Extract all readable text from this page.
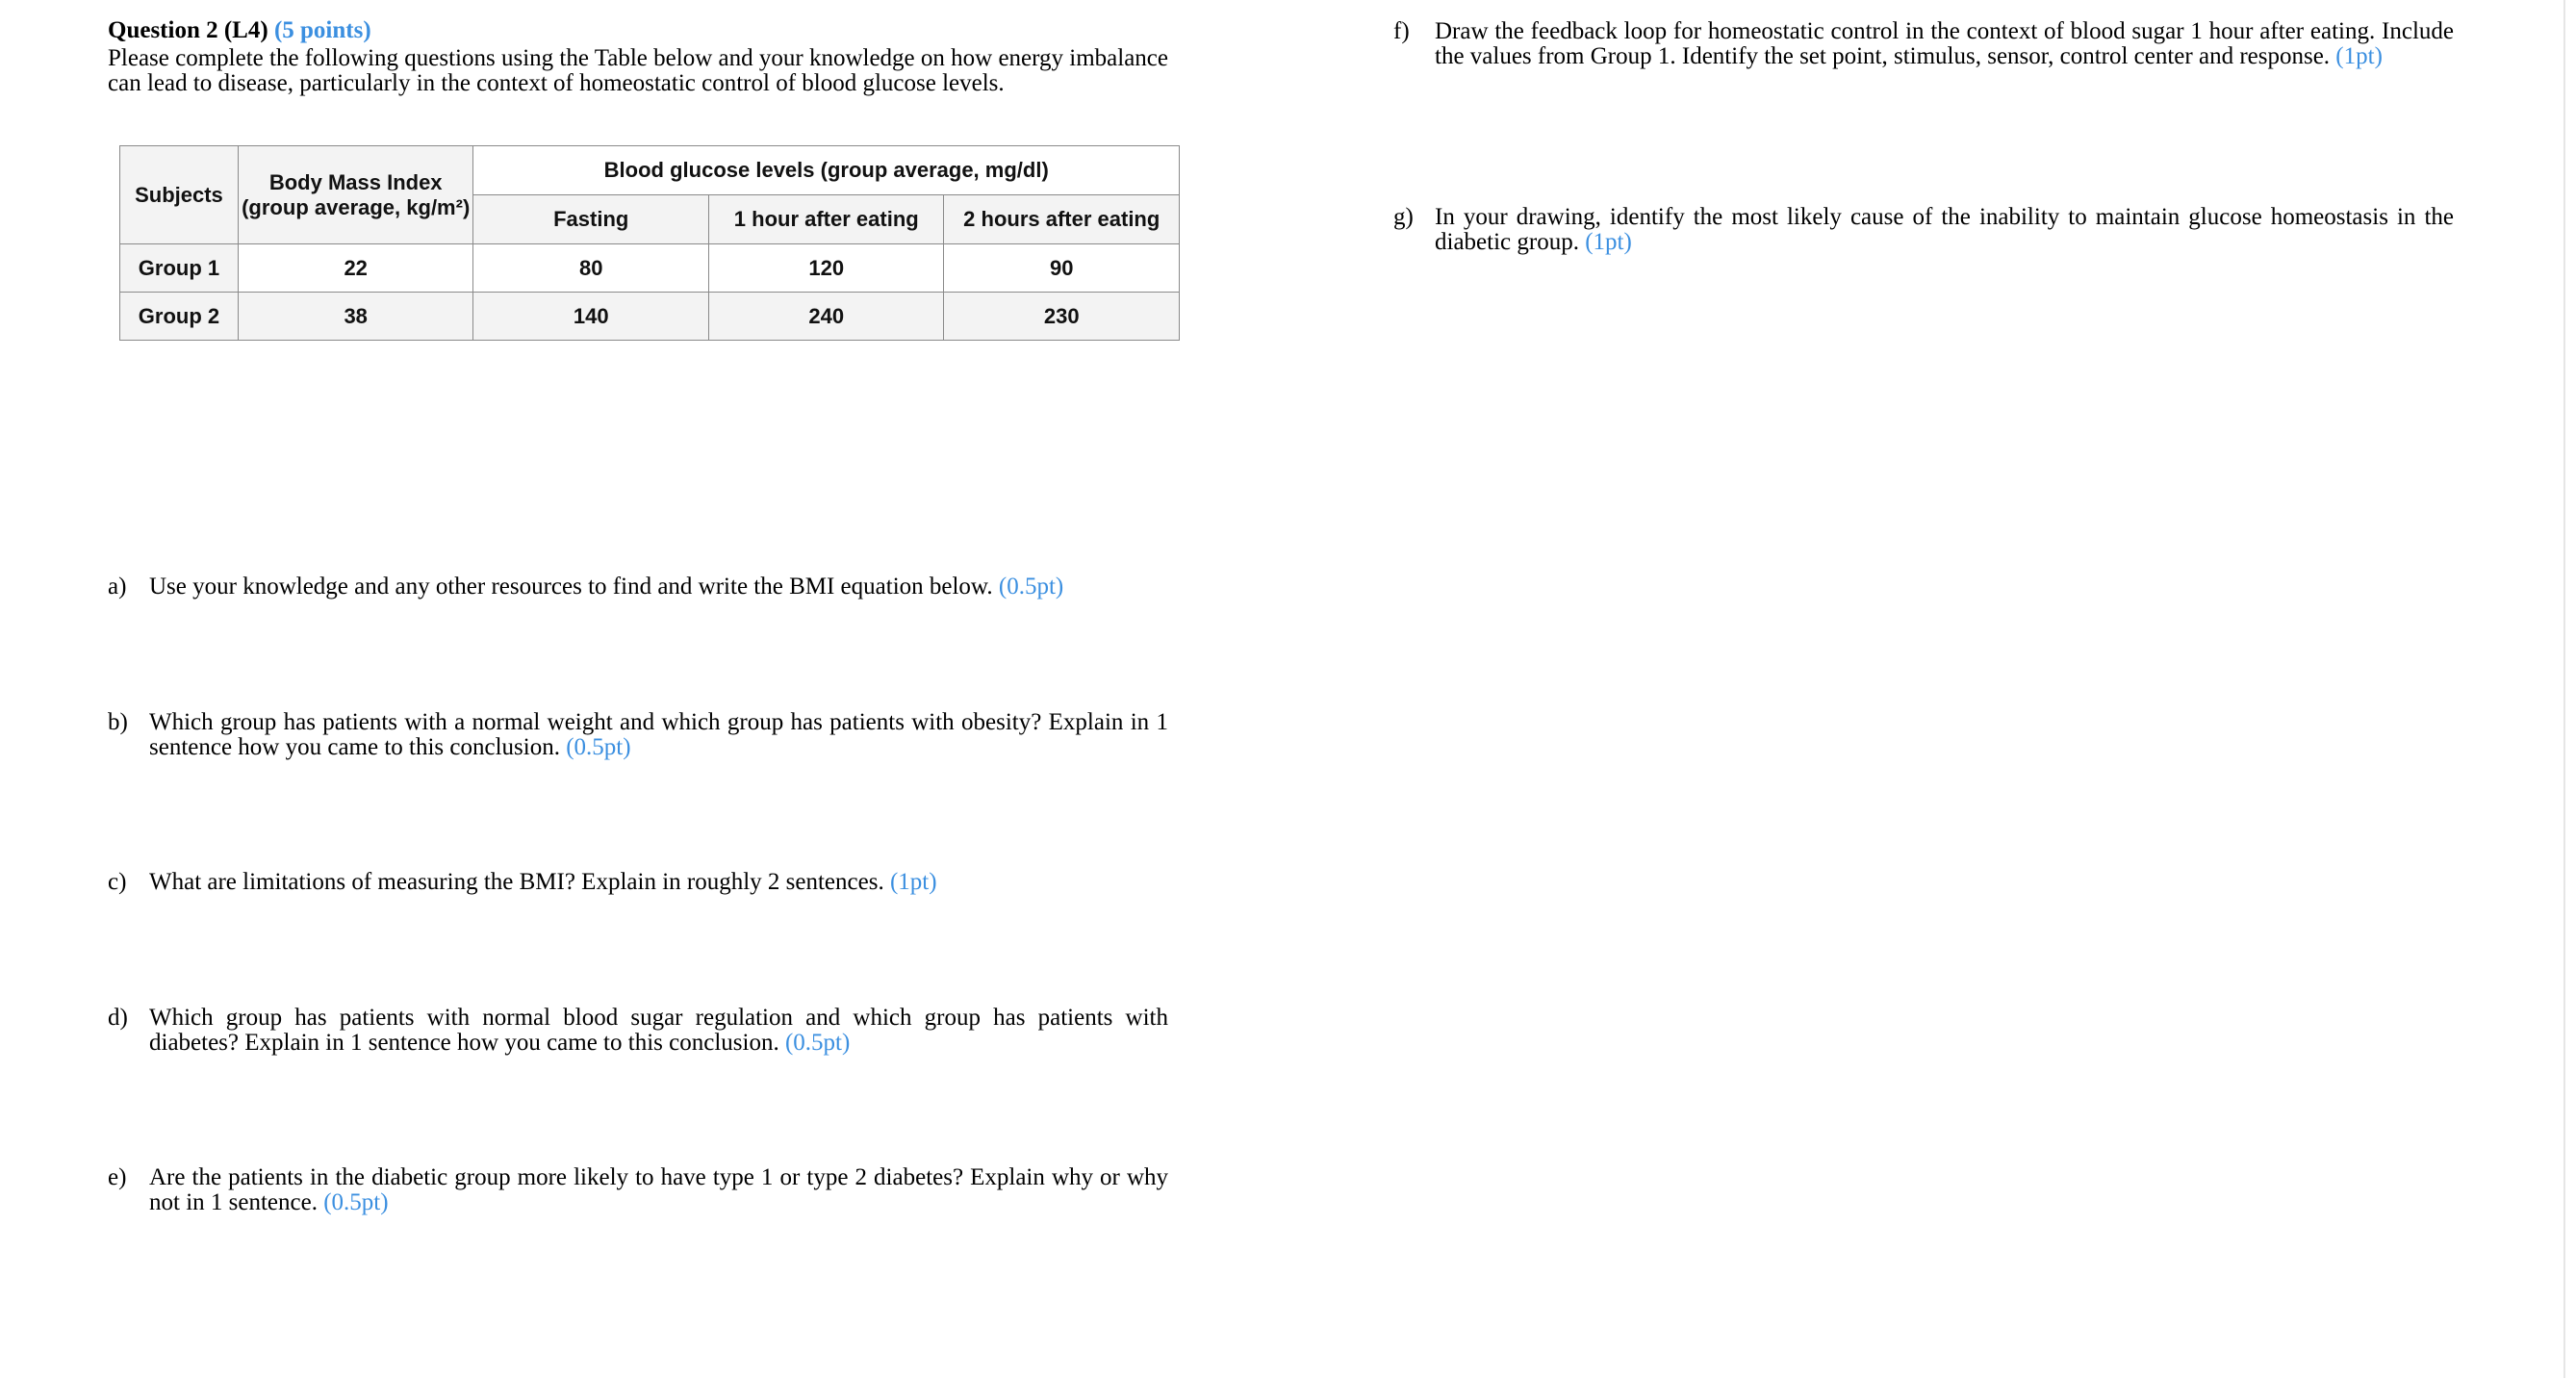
Question 2 (L4) (5 points)

Please complete the following questions using the Table below and your knowledge on how energy imbalance can lead to disease, particularly in the context of homeostatic control of blood glucose levels.

Subjects	Body Mass Index (group average, kg/m²)	Blood glucose levels (group average, mg/dl)		
		Fasting	1 hour after eating	2 hours after eating
Group 1	22	80	120	90
Group 2	38	140	240	230
a) Use your knowledge and any other resources to find and write the BMI equation below. (0.5pt)
b) Which group has patients with a normal weight and which group has patients with obesity? Explain in 1 sentence how you came to this conclusion. (0.5pt)
c) What are limitations of measuring the BMI? Explain in roughly 2 sentences. (1pt)
d) Which group has patients with normal blood sugar regulation and which group has patients with diabetes? Explain in 1 sentence how you came to this conclusion. (0.5pt)
e) Are the patients in the diabetic group more likely to have type 1 or type 2 diabetes? Explain why or why not in 1 sentence. (0.5pt)
f) Draw the feedback loop for homeostatic control in the context of blood sugar 1 hour after eating. Include the values from Group 1. Identify the set point, stimulus, sensor, control center and response. (1pt)
g) In your drawing, identify the most likely cause of the inability to maintain glucose homeostasis in the diabetic group. (1pt)
